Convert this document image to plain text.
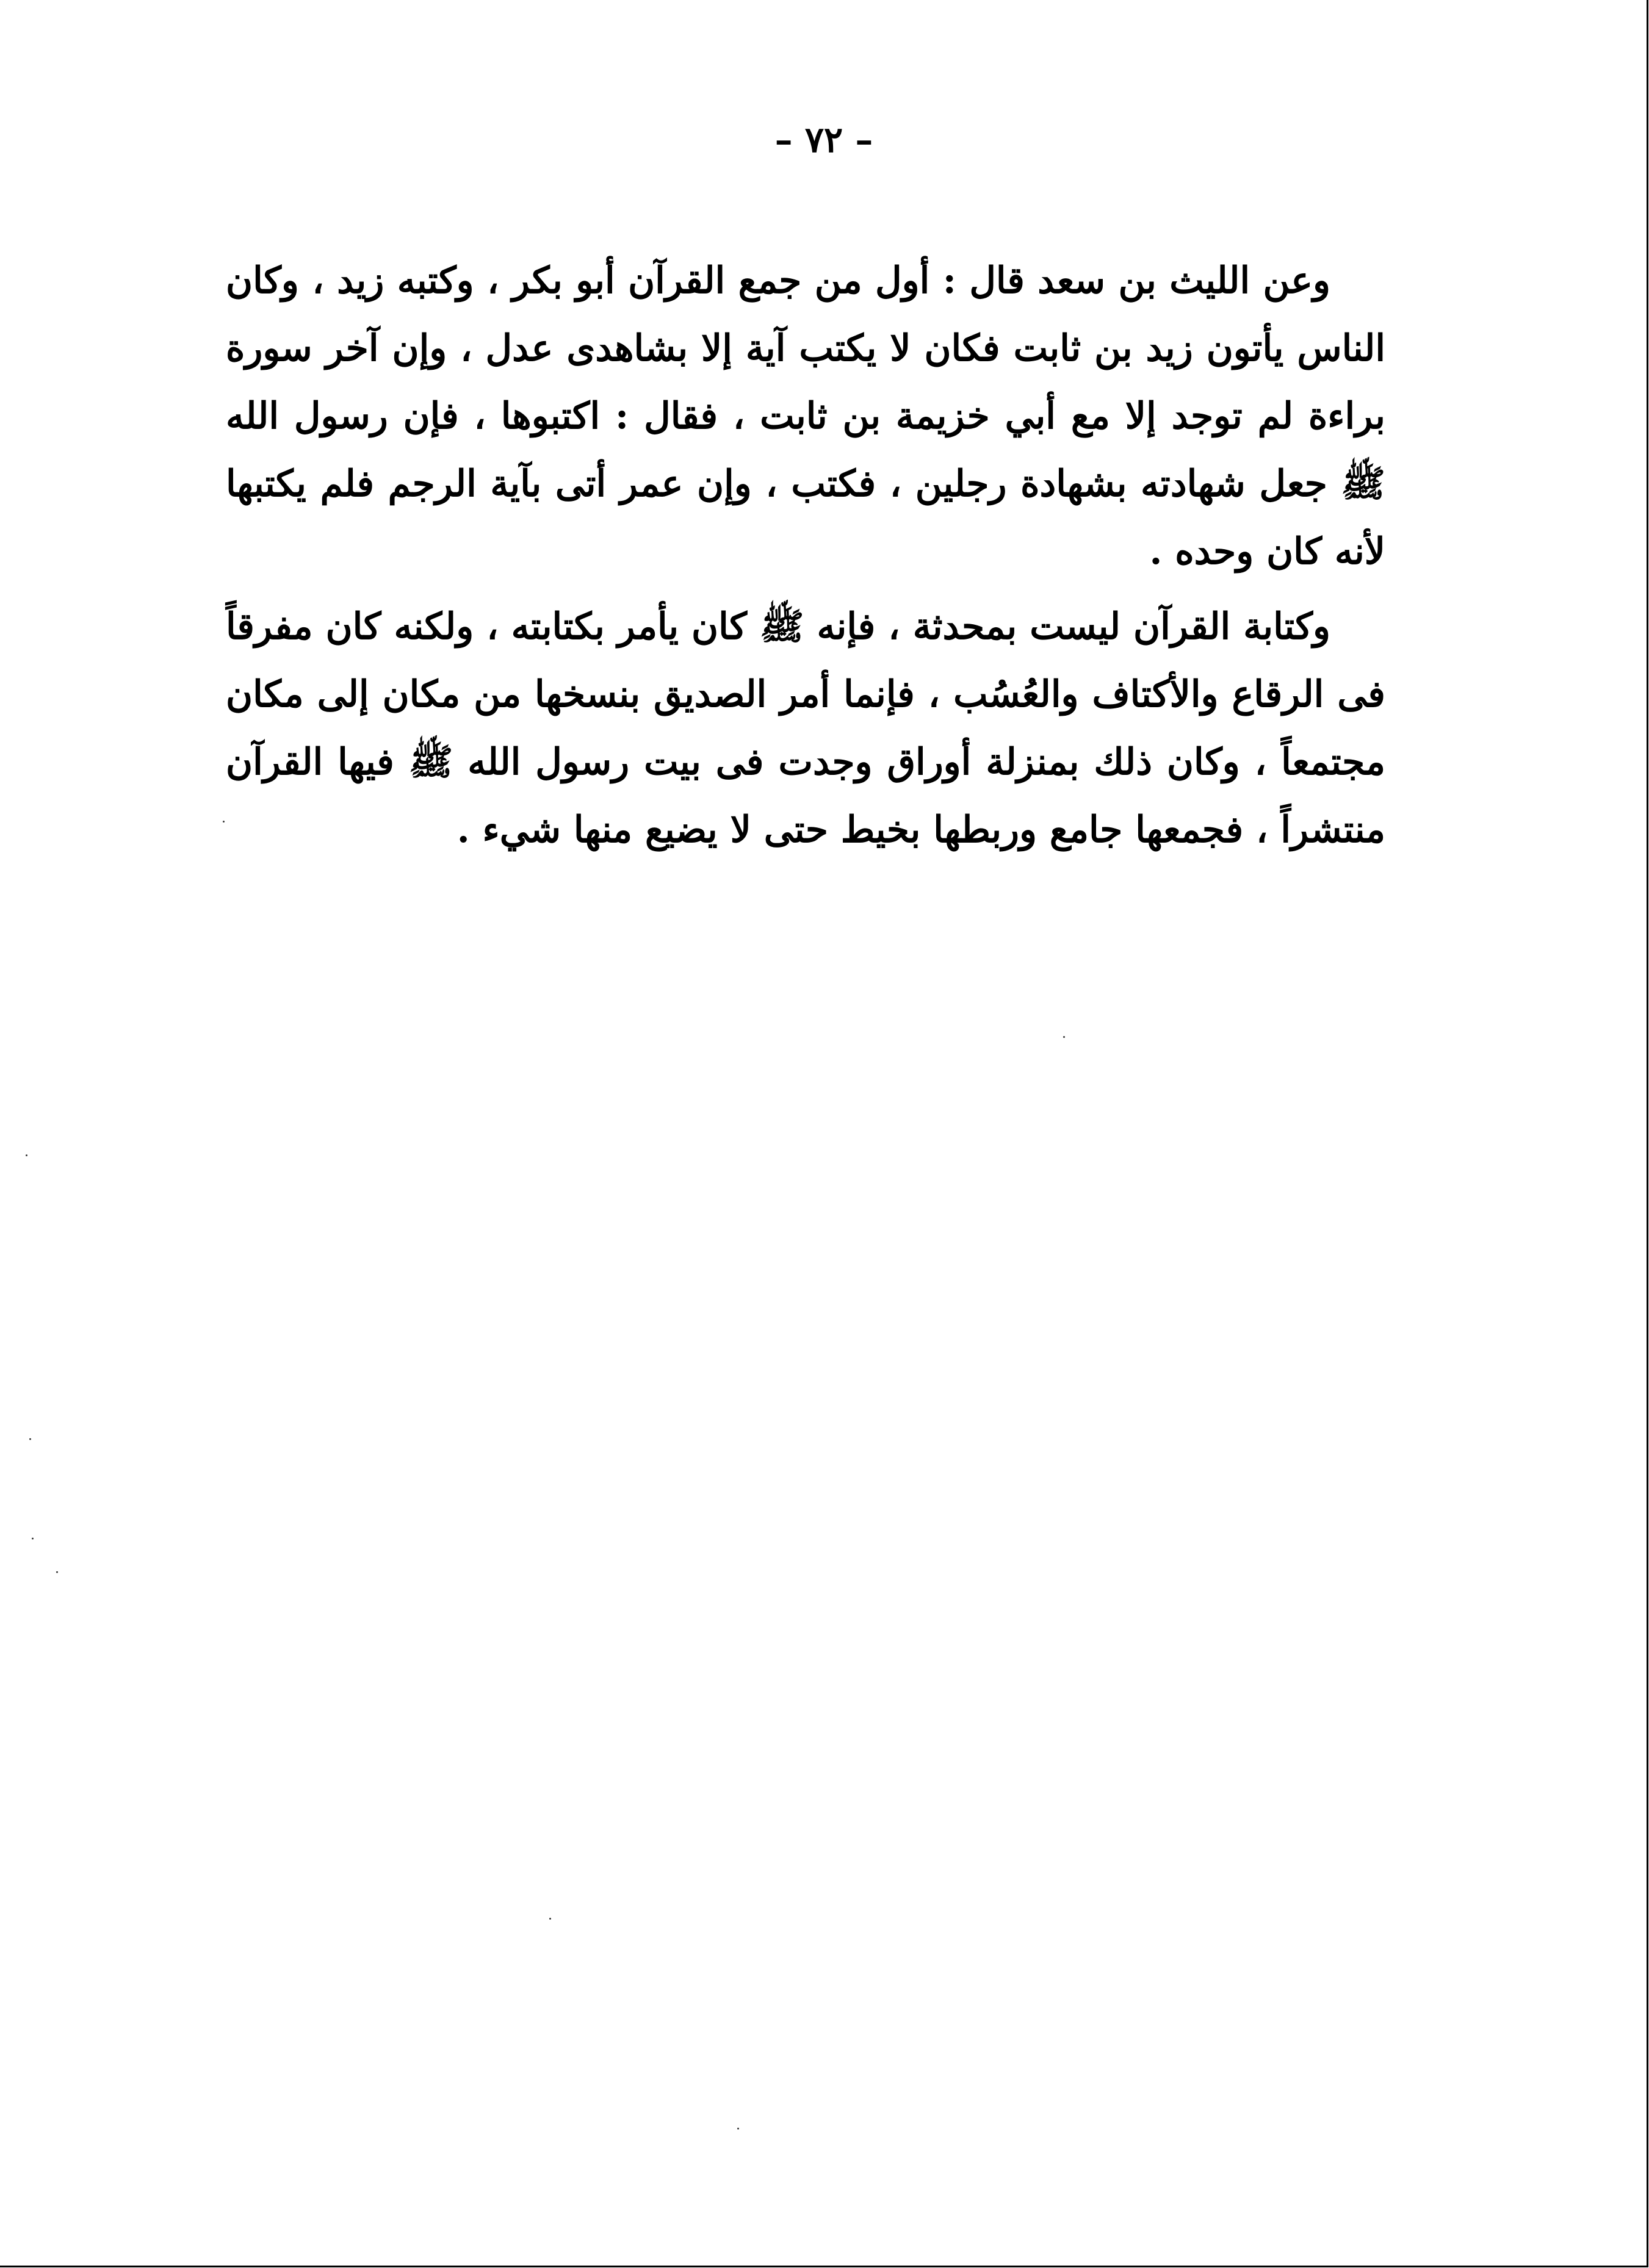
– ٧٢ –

وعن الليث بن سعد قال : أول من جمع القرآن أبو بكر ، وكتبه زيد ، وكان الناس يأتون زيد بن ثابت فكان لا يكتب آية إلا بشاهدى عدل ، وإن آخر سورة براءة لم توجد إلا مع أبي خزيمة بن ثابت ، فقال : اكتبوها ، فإن رسول الله ﷺ جعل شهادته بشهادة رجلين ، فكتب ، وإن عمر أتى بآية الرجم فلم يكتبها لأنه كان وحده .

وكتابة القرآن ليست بمحدثة ، فإنه ﷺ كان يأمر بكتابته ، ولكنه كان مفرقاً فى الرقاع والأكتاف والعُسُب ، فإنما أمر الصديق بنسخها من مكان إلى مكان مجتمعاً ، وكان ذلك بمنزلة أوراق وجدت فى بيت رسول الله ﷺ فيها القرآن منتشراً ، فجمعها جامع وربطها بخيط حتى لا يضيع منها شيء .
